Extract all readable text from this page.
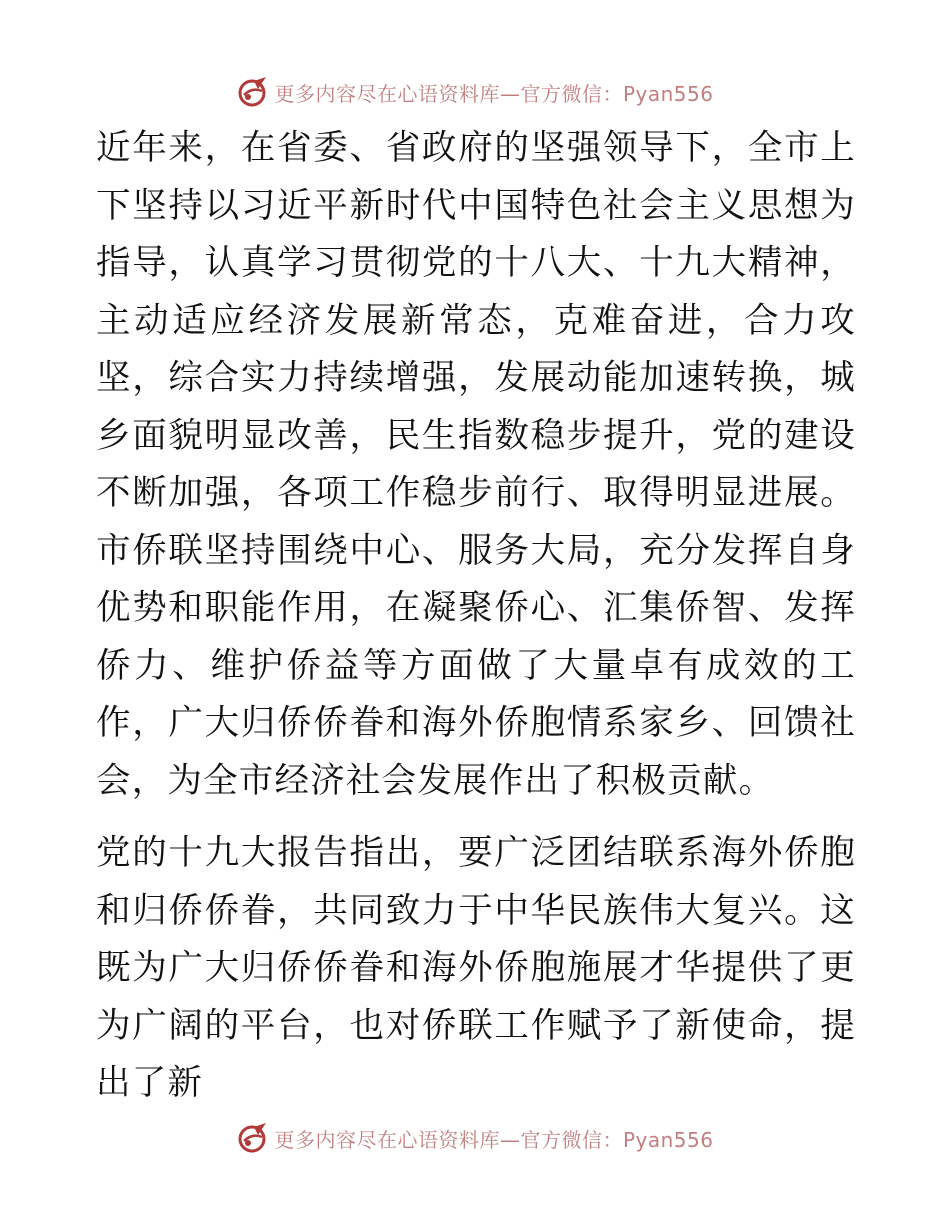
更多内容尽在心语资料库—官方微信：Pyan556

近年来，在省委、省政府的坚强领导下，全市上下坚持以习近平新时代中国特色社会主义思想为指导，认真学习贯彻党的十八大、十九大精神，主动适应经济发展新常态，克难奋进，合力攻坚，综合实力持续增强，发展动能加速转换，城乡面貌明显改善，民生指数稳步提升，党的建设不断加强，各项工作稳步前行、取得明显进展。市侨联坚持围绕中心、服务大局，充分发挥自身优势和职能作用，在凝聚侨心、汇集侨智、发挥侨力、维护侨益等方面做了大量卓有成效的工作，广大归侨侨眷和海外侨胞情系家乡、回馈社会，为全市经济社会发展作出了积极贡献。

党的十九大报告指出，要广泛团结联系海外侨胞和归侨侨眷，共同致力于中华民族伟大复兴。这既为广大归侨侨眷和海外侨胞施展才华提供了更为广阔的平台，也对侨联工作赋予了新使命，提出了新

更多内容尽在心语资料库—官方微信：Pyan556
